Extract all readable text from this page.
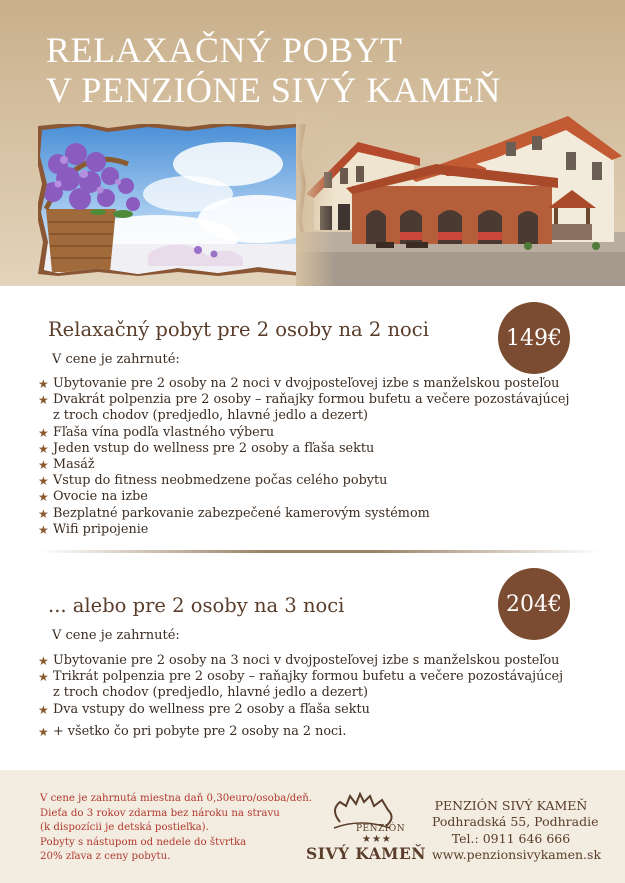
RELAXAČNÝ POBYT
V PENZIÓNE SIVÝ KAMEŇ
Relaxačný pobyt pre 2 osoby na 2 noci	149€
V cene je zahrnuté:
★ Ubytovanie pre 2 osoby na 2 noci v dvojposteľovej izbe s manželskou posteľou
★ Dvakrát polpenzia pre 2 osoby – raňajky formou bufetu a večere pozostávajúcej
z troch chodov (predjedlo, hlavné jedlo a dezert)
★ Fľaša vína podľa vlastného výberu
★ Jeden vstup do wellness pre 2 osoby a fľaša sektu
★ Masáž
★ Vstup do fitness neobmedzene počas celého pobytu
★ Ovocie na izbe
★ Bezplatné parkovanie zabezpečené kamerovým systémom
★ Wifi pripojenie
... alebo pre 2 osoby na 3 noci	204€
V cene je zahrnuté:
★ Ubytovanie pre 2 osoby na 3 noci v dvojposteľovej izbe s manželskou posteľou
★ Trikrát polpenzia pre 2 osoby – raňajky formou bufetu a večere pozostávajúcej
z troch chodov (predjedlo, hlavné jedlo a dezert)
★ Dva vstupy do wellness pre 2 osoby a fľaša sektu
★ + všetko čo pri pobyte pre 2 osoby na 2 noci.
V cene je zahrnutá miestna daň 0,30euro/osoba/deň.
Dieťa do 3 rokov zdarma bez nároku na stravu
(k dispozícii je detská postieľka).
Pobyty s nástupom od nedele do štvrtka
20% zľava z ceny pobytu.
PENZIÓN
★★★
SIVÝ KAMEŇ
PENZIÓN SIVÝ KAMEŇ
Podhradská 55, Podhradie
Tel.: 0911 646 666
www.penzionsivykamen.sk
